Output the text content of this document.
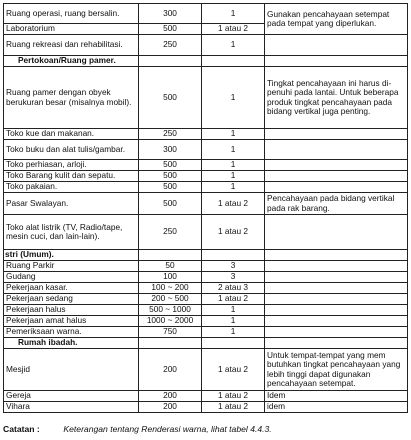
Ruang operasi, ruang bersalin.	300	1	Gunakan pencahayaan setempat pada tempat yang diperlukan.
Laboratorium	500	1 atau 2	
Ruang rekreasi dan rehabilitasi.	250	1	
Pertokoan/Ruang pamer.			
Ruang pamer dengan obyek berukuran besar (misalnya mobil).	500	1	Tingkat pencahayaan ini harus di-penuhi pada lantai. Untuk beberapa produk tingkat pencahayaan pada bidang vertikal juga penting.
Toko kue dan makanan.	250	1	
Toko buku dan alat tulis/gambar.	300	1	
Toko perhiasan, arloji.	500	1	
Toko Barang kulit dan sepatu.	500	1	
Toko pakaian.	500	1	
Pasar Swalayan.	500	1 atau 2	Pencahayaan pada bidang vertikal pada rak barang.
Toko alat listrik (TV, Radio/tape, mesin cuci, dan lain-lain).	250	1 atau 2	
stri (Umum).			
Ruang Parkir	50	3	
Gudang	100	3	
Pekerjaan kasar.	100 ~ 200	2 atau 3	
Pekerjaan sedang	200 ~ 500	1 atau 2	
Pekerjaan halus	500 ~ 1000	1	
Pekerjaan amat halus	1000 ~ 2000	1	
Pemeriksaan warna.	750	1	
Rumah ibadah.			
Mesjid	200	1 atau 2	Untuk tempat-tempat yang mem butuhkan tingkat pencahayaan yang lebih tinggi dapat digunakan pencahayaan setempat.
Gereja	200	1 atau 2	Idem
Vihara	200	1 atau 2	idem
Catatan :	Keterangan tentang Renderasi warna, lihat tabel 4.4.3.
